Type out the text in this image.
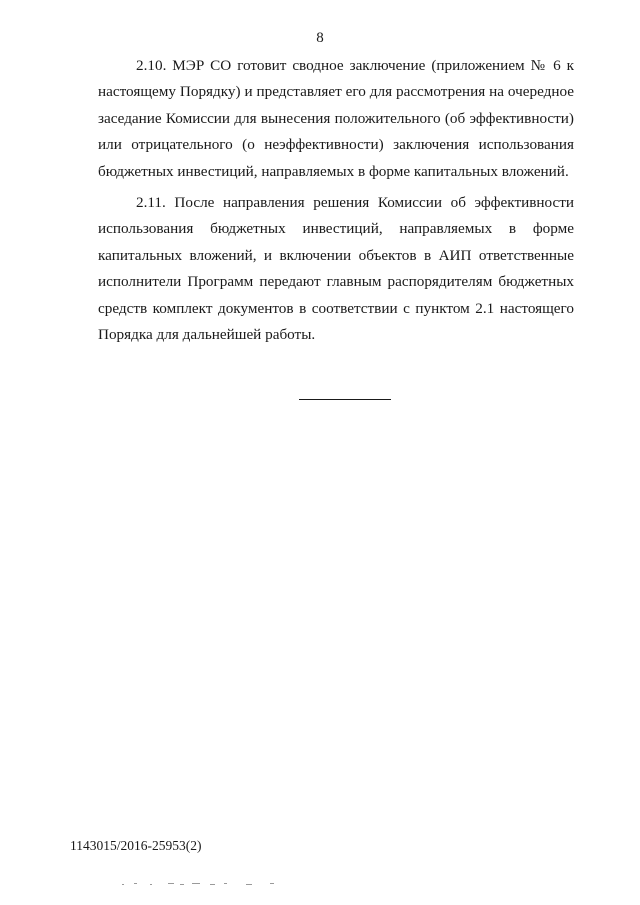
8

2.10. МЭР СО готовит сводное заключение (приложением № 6 к настоящему Порядку) и представляет его для рассмотрения на очередное заседание Комиссии для вынесения положительного (об эффективности) или отрицательного (о неэффективности) заключения использования бюджетных инвестиций, направляемых в форме капитальных вложений.

2.11. После направления решения Комиссии об эффективности использования бюджетных инвестиций, направляемых в форме капитальных вложений, и включении объектов в АИП ответственные исполнители Программ передают главным распорядителям бюджетных средств комплект документов в соответствии с пунктом 2.1 настоящего Порядка для дальнейшей работы.

1143015/2016-25953(2)
